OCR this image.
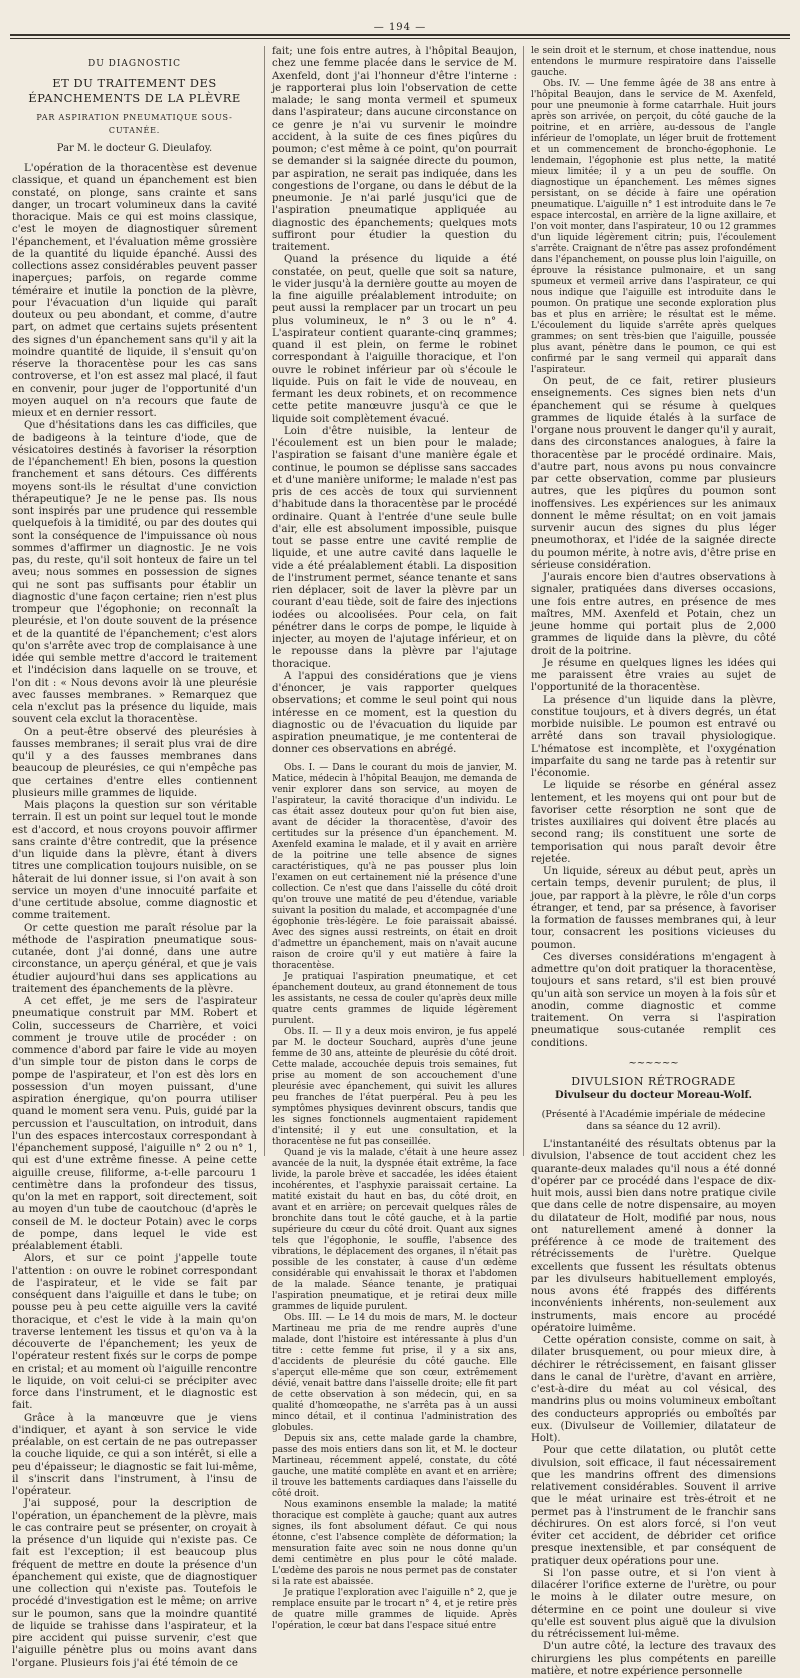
— 194 —
DU DIAGNOSTIC
ET DU TRAITEMENT DES ÉPANCHEMENTS DE LA PLÈVRE
PAR ASPIRATION PNEUMATIQUE SOUS-CUTANÉE.
Par M. le docteur G. Dieulafoy.

L'opération de la thoracentèse est devenue classique, et quand un épanchement est bien constaté, on plonge, sans crainte et sans danger, un trocart volumineux dans la cavité thoracique. Mais ce qui est moins classique, c'est le moyen de diagnostiquer sûrement l'épanchement, et l'évaluation même grossière de la quantité du liquide épanché. Aussi des collections assez considérables peuvent passer inaperçues; parfois, on regarde comme téméraire et inutile la ponction de la plèvre, pour l'évacuation d'un liquide qui paraît douteux ou peu abondant, et comme, d'autre part, on admet que certains sujets présentent des signes d'un épanchement sans qu'il y ait la moindre quantité de liquide, il s'ensuit qu'on réserve la thoracentèse pour les cas sans controverse, et l'on est assez mal placé, il faut en convenir, pour juger de l'opportunité d'un moyen auquel on n'a recours que faute de mieux et en dernier ressort.

Que d'hésitations dans les cas difficiles, que de badigeons à la teinture d'iode, que de vésicatoires destinés à favoriser la résorption de l'épanchement! Eh bien, posons la question franchement et sans détours. Ces différents moyens sont-ils le résultat d'une conviction thérapeutique? Je ne le pense pas. Ils nous sont inspirés par une prudence qui ressemble quelquefois à la timidité, ou par des doutes qui sont la conséquence de l'impuissance où nous sommes d'affirmer un diagnostic. Je ne vois pas, du reste, qu'il soit honteux de faire un tel aveu; nous sommes en possession de signes qui ne sont pas suffisants pour établir un diagnostic d'une façon certaine; rien n'est plus trompeur que l'égophonie; on reconnaît la pleurésie, et l'on doute souvent de la présence et de la quantité de l'épanchement; c'est alors qu'on s'arrête avec trop de complaisance à une idée qui semble mettre d'accord le traitement et l'indécision dans laquelle on se trouve, et l'on dit : « Nous devons avoir là une pleurésie avec fausses membranes. » Remarquez que cela n'exclut pas la présence du liquide, mais souvent cela exclut la thoracentèse.

On a peut-être observé des pleurésies à fausses membranes; il serait plus vrai de dire qu'il y a des fausses membranes dans beaucoup de pleurésies, ce qui n'empêche pas que certaines d'entre elles contiennent plusieurs mille grammes de liquide.

Mais plaçons la question sur son véritable terrain. Il est un point sur lequel tout le monde est d'accord, et nous croyons pouvoir affirmer sans crainte d'être contredit, que la présence d'un liquide dans la plèvre, étant à divers titres une complication toujours nuisible, on se hâterait de lui donner issue, si l'on avait à son service un moyen d'une innocuité parfaite et d'une certitude absolue, comme diagnostic et comme traitement.

Or cette question me paraît résolue par la méthode de l'aspiration pneumatique sous-cutanée, dont j'ai donné, dans une autre circonstance, un aperçu général, et que je vais étudier aujourd'hui dans ses applications au traitement des épanchements de la plèvre.

A cet effet, je me sers de l'aspirateur pneumatique construit par MM. Robert et Colin, successeurs de Charrière, et voici comment je trouve utile de procéder : on commence d'abord par faire le vide au moyen d'un simple tour de piston dans le corps de pompe de l'aspirateur, et l'on est dès lors en possession d'un moyen puissant, d'une aspiration énergique, qu'on pourra utiliser quand le moment sera venu. Puis, guidé par la percussion et l'auscultation, on introduit, dans l'un des espaces intercostaux correspondant à l'épanchement supposé, l'aiguille n° 2 ou n° 1, qui est d'une extrême finesse. A peine cette aiguille creuse, filiforme, a-t-elle parcouru 1 centimètre dans la profondeur des tissus, qu'on la met en rapport, soit directement, soit au moyen d'un tube de caoutchouc (d'après le conseil de M. le docteur Potain) avec le corps de pompe, dans lequel le vide est préalablement établi.

Alors, et sur ce point j'appelle toute l'attention : on ouvre le robinet correspondant de l'aspirateur, et le vide se fait par conséquent dans l'aiguille et dans le tube; on pousse peu à peu cette aiguille vers la cavité thoracique, et c'est le vide à la main qu'on traverse lentement les tissus et qu'on va à la découverte de l'épanchement; les yeux de l'opérateur restent fixés sur le corps de pompe en cristal; et au moment où l'aiguille rencontre le liquide, on voit celui-ci se précipiter avec force dans l'instrument, et le diagnostic est fait.

Grâce à la manœuvre que je viens d'indiquer, et ayant à son service le vide préalable, on est certain de ne pas outrepasser la couche liquide, ce qui a son intérêt, si elle a peu d'épaisseur; le diagnostic se fait lui-même, il s'inscrit dans l'instrument, à l'insu de l'opérateur.

J'ai supposé, pour la description de l'opération, un épanchement de la plèvre, mais le cas contraire peut se présenter, on croyait à la présence d'un liquide qui n'existe pas. Ce fait est l'exception; il est beaucoup plus fréquent de mettre en doute la présence d'un épanchement qui existe, que de diagnostiquer une collection qui n'existe pas. Toutefois le procédé d'investigation est le même; on arrive sur le poumon, sans que la moindre quantité de liquide se trahisse dans l'aspirateur, et la pire accident qui puisse survenir, c'est que l'aiguille pénètre plus ou moins avant dans l'organe. Plusieurs fois j'ai été témoin de ce

fait; une fois entre autres, à l'hôpital Beaujon, chez une femme placée dans le service de M. Axenfeld, dont j'ai l'honneur d'être l'interne : je rapporterai plus loin l'observation de cette malade; le sang monta vermeil et spumeux dans l'aspirateur; dans aucune circonstance on ce genre je n'ai vu survenir le moindre accident, à la suite de ces fines piqûres du poumon; c'est même à ce point, qu'on pourrait se demander si la saignée directe du poumon, par aspiration, ne serait pas indiquée, dans les congestions de l'organe, ou dans le début de la pneumonie. Je n'ai parlé jusqu'ici que de l'aspiration pneumatique appliquée au diagnostic des épanchements; quelques mots suffiront pour étudier la question du traitement.

Quand la présence du liquide a été constatée, on peut, quelle que soit sa nature, le vider jusqu'à la dernière goutte au moyen de la fine aiguille préalablement introduite; on peut aussi la remplacer par un trocart un peu plus volumineux, le n° 3 ou le n° 4. L'aspirateur contient quarante-cinq grammes; quand il est plein, on ferme le robinet correspondant à l'aiguille thoracique, et l'on ouvre le robinet inférieur par où s'écoule le liquide. Puis on fait le vide de nouveau, en fermant les deux robinets, et on recommence cette petite manœuvre jusqu'à ce que le liquide soit complètement évacué.

Loin d'être nuisible, la lenteur de l'écoulement est un bien pour le malade; l'aspiration se faisant d'une manière égale et continue, le poumon se déplisse sans saccades et d'une manière uniforme; le malade n'est pas pris de ces accès de toux qui surviennent d'habitude dans la thoracentèse par le procédé ordinaire. Quant à l'entrée d'une seule bulle d'air, elle est absolument impossible, puisque tout se passe entre une cavité remplie de liquide, et une autre cavité dans laquelle le vide a été préalablement établi. La disposition de l'instrument permet, séance tenante et sans rien déplacer, soit de laver la plèvre par un courant d'eau tiède, soit de faire des injections iodées ou alcoolisées. Pour cela, on fait pénétrer dans le corps de pompe, le liquide à injecter, au moyen de l'ajutage inférieur, et on le repousse dans la plèvre par l'ajutage thoracique.

A l'appui des considérations que je viens d'énoncer, je vais rapporter quelques observations; et comme le seul point qui nous intéresse en ce moment, est la question du diagnostic ou de l'évacuation du liquide par aspiration pneumatique, je me contenterai de donner ces observations en abrégé.

Obs. I. — Dans le courant du mois de janvier, M. Matice, médecin à l'hôpital Beaujon, me demanda de venir explorer dans son service, au moyen de l'aspirateur, la cavité thoracique d'un individu. Le cas était assez douteux pour qu'on fut bien aise, avant de décider la thoracentèse, d'avoir des certitudes sur la présence d'un épanchement. M. Axenfeld examina le malade, et il y avait en arrière de la poitrine une telle absence de signes caractéristiques, qu'à ne pas pousser plus loin l'examen on eut certainement nié la présence d'une collection. Ce n'est que dans l'aisselle du côté droit qu'on trouve une matité de peu d'étendue, variable suivant la position du malade, et accompagnée d'une égophonie très-légère. Le foie paraissait abaissé. Avec des signes aussi restreints, on était en droit d'admettre un épanchement, mais on n'avait aucune raison de croire qu'il y eut matière à faire la thoracentèse.

Je pratiquai l'aspiration pneumatique, et cet épanchement douteux, au grand étonnement de tous les assistants, ne cessa de couler qu'après deux mille quatre cents grammes de liquide légèrement purulent.

Obs. II. — Il y a deux mois environ, je fus appelé par M. le docteur Souchard, auprès d'une jeune femme de 30 ans, atteinte de pleurésie du côté droit. Cette malade, accouchée depuis trois semaines, fut prise au moment de son accouchement d'une pleurésie avec épanchement, qui suivit les allures peu franches de l'état puerpéral. Peu à peu les symptômes physiques devinrent obscurs, tandis que les signes fonctionnels augmentaient rapidement d'intensité; il y eut une consultation, et la thoracentèse ne fut pas conseillée.

Quand je vis la malade, c'était à une heure assez avancée de la nuit, la dyspnée était extrême, la face livide, la parole brève et saccadée, les idées étaient incohérentes, et l'asphyxie paraissait certaine. La matité existait du haut en bas, du côté droit, en avant et en arrière; on percevait quelques râles de bronchite dans tout le côté gauche, et à la partie supérieure du cœur du côté droit. Quant aux signes tels que l'égophonie, le souffle, l'absence des vibrations, le déplacement des organes, il n'était pas possible de les constater, à cause d'un œdème considérable qui envahissait le thorax et l'abdomen de la malade. Séance tenante, je pratiquai l'aspiration pneumatique, et je retirai deux mille grammes de liquide purulent.

Obs. III. — Le 14 du mois de mars, M. le docteur Martineau me pria de me rendre auprès d'une malade, dont l'histoire est intéressante à plus d'un titre : cette femme fut prise, il y a six ans, d'accidents de pleurésie du côté gauche. Elle s'aperçut elle-même que son cœur, extrêmement dévié, venait battre dans l'aisselle droite; elle fit part de cette observation à son médecin, qui, en sa qualité d'homœopathe, ne s'arrêta pas à un aussi minco détail, et il continua l'administration des globules.

Depuis six ans, cette malade garde la chambre, passe des mois entiers dans son lit, et M. le docteur Martineau, récemment appelé, constate, du côté gauche, une matité complète en avant et en arrière; il trouve les battements cardiaques dans l'aisselle du côté droit.

Nous examinons ensemble la malade; la matité thoracique est complète à gauche; quant aux autres signes, ils font absolument défaut. Ce qui nous étonne, c'est l'absence complète de déformation; la mensuration faite avec soin ne nous donne qu'un demi centimètre en plus pour le côté malade. L'œdème des parois ne nous permet pas de constater si la rate est abaissée.

Je pratique l'exploration avec l'aiguille n° 2, que je remplace ensuite par le trocart n° 4, et je retire près de quatre mille grammes de liquide. Après l'opération, le cœur bat dans l'espace situé entre

le sein droit et le sternum, et chose inattendue, nous entendons le murmure respiratoire dans l'aisselle gauche.

Obs. IV. — Une femme âgée de 38 ans entre à l'hôpital Beaujon, dans le service de M. Axenfeld, pour une pneumonie à forme catarrhale. Huit jours après son arrivée, on perçoit, du côté gauche de la poitrine, et en arrière, au-dessous de l'angle inférieur de l'omoplate, un léger bruit de frottement et un commencement de broncho-égophonie. Le lendemain, l'égophonie est plus nette, la matité mieux limitée; il y a un peu de souffle. On diagnostique un épanchement. Les mêmes signes persistant, on se décide à faire une opération pneumatique. L'aiguille n° 1 est introduite dans le 7e espace intercostal, en arrière de la ligne axillaire, et l'on voit monter, dans l'aspirateur, 10 ou 12 grammes d'un liquide légèrement citrin; puis, l'écoulement s'arrête. Craignant de n'être pas assez profondément dans l'épanchement, on pousse plus loin l'aiguille, on éprouve la résistance pulmonaire, et un sang spumeux et vermeil arrive dans l'aspirateur, ce qui nous indique que l'aiguille est introduite dans le poumon. On pratique une seconde exploration plus bas et plus en arrière; le résultat est le même. L'écoulement du liquide s'arrête après quelques grammes; on sent très-bien que l'aiguille, poussée plus avant, pénètre dans le poumon, ce qui est confirmé par le sang vermeil qui apparaît dans l'aspirateur.

On peut, de ce fait, retirer plusieurs enseignements. Ces signes bien nets d'un épanchement qui se résume à quelques grammes de liquide étalés à la surface de l'organe nous prouvent le danger qu'il y aurait, dans des circonstances analogues, à faire la thoracentèse par le procédé ordinaire. Mais, d'autre part, nous avons pu nous convaincre par cette observation, comme par plusieurs autres, que les piqûres du poumon sont inoffensives. Les expériences sur les animaux donnent le même résultat; on en voit jamais survenir aucun des signes du plus léger pneumothorax, et l'idée de la saignée directe du poumon mérite, à notre avis, d'être prise en sérieuse considération.

J'aurais encore bien d'autres observations à signaler, pratiquées dans diverses occasions, une fois entre autres, en présence de mes maîtres, MM. Axenfeld et Potain, chez un jeune homme qui portait plus de 2,000 grammes de liquide dans la plèvre, du côté droit de la poitrine.

Je résume en quelques lignes les idées qui me paraissent être vraies au sujet de l'opportunité de la thoracentèse.

La présence d'un liquide dans la plèvre, constitue toujours, et à divers degrés, un état morbide nuisible. Le poumon est entravé ou arrêté dans son travail physiologique. L'hématose est incomplète, et l'oxygénation imparfaite du sang ne tarde pas à retentir sur l'économie.

Le liquide se résorbe en général assez lentement, et les moyens qui ont pour but de favoriser cette résorption ne sont que de tristes auxiliaires qui doivent être placés au second rang; ils constituent une sorte de temporisation qui nous paraît devoir être rejetée.

Un liquide, séreux au début peut, après un certain temps, devenir purulent; de plus, il joue, par rapport à la plèvre, le rôle d'un corps étranger, et tend, par sa présence, à favoriser la formation de fausses membranes qui, à leur tour, consacrent les positions vicieuses du poumon.

Ces diverses considérations m'engagent à admettre qu'on doit pratiquer la thoracentèse, toujours et sans retard, s'il est bien prouvé qu'un aità son service un moyen à la fois sûr et anodin, comme diagnostic et comme traitement. On verra si l'aspiration pneumatique sous-cutanée remplit ces conditions.

~~~~~~
DIVULSION RÉTROGRADE
Divulseur du docteur Moreau-Wolf.
(Présenté à l'Académie impériale de médecine dans sa séance du 12 avril).

L'instantanéité des résultats obtenus par la divulsion, l'absence de tout accident chez les quarante-deux malades qu'il nous a été donné d'opérer par ce procédé dans l'espace de dix-huit mois, aussi bien dans notre pratique civile que dans celle de notre dispensaire, au moyen du dilatateur de Holt, modifié par nous, nous ont naturellement amené à donner la préférence à ce mode de traitement des rétrécissements de l'urètre. Quelque excellents que fussent les résultats obtenus par les divulseurs habituellement employés, nous avons été frappés des différents inconvénients inhérents, non-seulement aux instruments, mais encore au procédé opératoire luimême.

Cette opération consiste, comme on sait, à dilater brusquement, ou pour mieux dire, à déchirer le rétrécissement, en faisant glisser dans le canal de l'urètre, d'avant en arrière, c'est-à-dire du méat au col vésical, des mandrins plus ou moins volumineux emboîtant des conducteurs appropriés ou emboîtés par eux. (Divulseur de Voillemier, dilatateur de Holt).

Pour que cette dilatation, ou plutôt cette divulsion, soit efficace, il faut nécessairement que les mandrins offrent des dimensions relativement considérables. Souvent il arrive que le méat urinaire est très-étroit et ne permet pas à l'instrument de le franchir sans déchirures. On est alors forcé, si l'on veut éviter cet accident, de débrider cet orifice presque inextensible, et par conséquent de pratiquer deux opérations pour une.

Si l'on passe outre, et si l'on vient à dilacérer l'orifice externe de l'urètre, ou pour le moins à le dilater outre mesure, on détermine en ce point une douleur si vive qu'elle est souvent plus aiguë que la divulsion du rétrécissement lui-même.

D'un autre côté, la lecture des travaux des chirurgiens les plus compétents en pareille matière, et notre expérience personnelle
